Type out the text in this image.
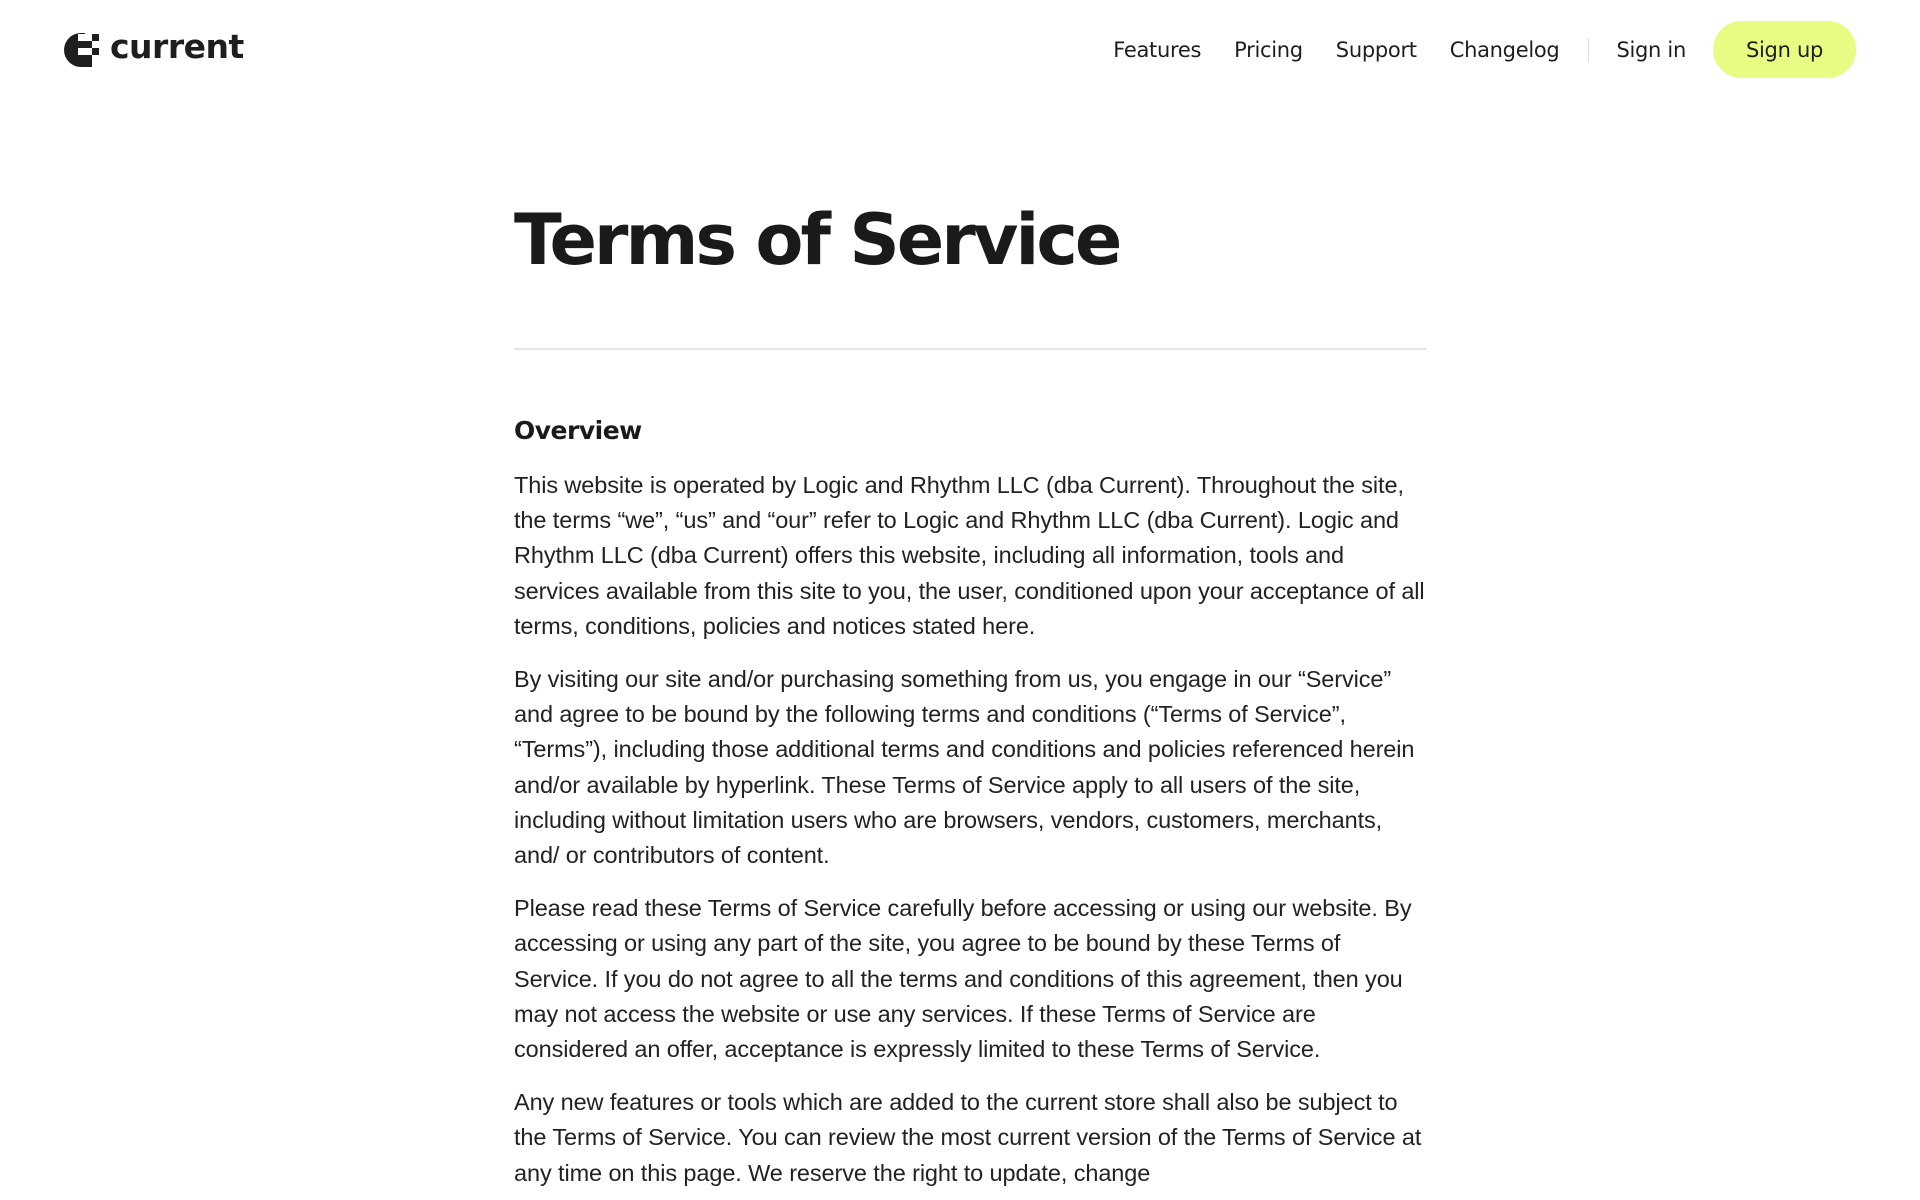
current	Features Pricing Support Changelog	Sign in	Sign up
Terms of Service
Overview

This website is operated by Logic and Rhythm LLC (dba Current). Throughout the site, the terms “we”, “us” and “our” refer to Logic and Rhythm LLC (dba Current). Logic and Rhythm LLC (dba Current) offers this website, including all information, tools and services available from this site to you, the user, conditioned upon your acceptance of all terms, conditions, policies and notices stated here.

By visiting our site and/or purchasing something from us, you engage in our “Service” and agree to be bound by the following terms and conditions (“Terms of Service”, “Terms”), including those additional terms and conditions and policies referenced herein and/or available by hyperlink. These Terms of Service apply to all users of the site, including without limitation users who are browsers, vendors, customers, merchants, and/ or contributors of content.

Please read these Terms of Service carefully before accessing or using our website. By accessing or using any part of the site, you agree to be bound by these Terms of Service. If you do not agree to all the terms and conditions of this agreement, then you may not access the website or use any services. If these Terms of Service are considered an offer, acceptance is expressly limited to these Terms of Service.

Any new features or tools which are added to the current store shall also be subject to the Terms of Service. You can review the most current version of the Terms of Service at any time on this page. We reserve the right to update, change
